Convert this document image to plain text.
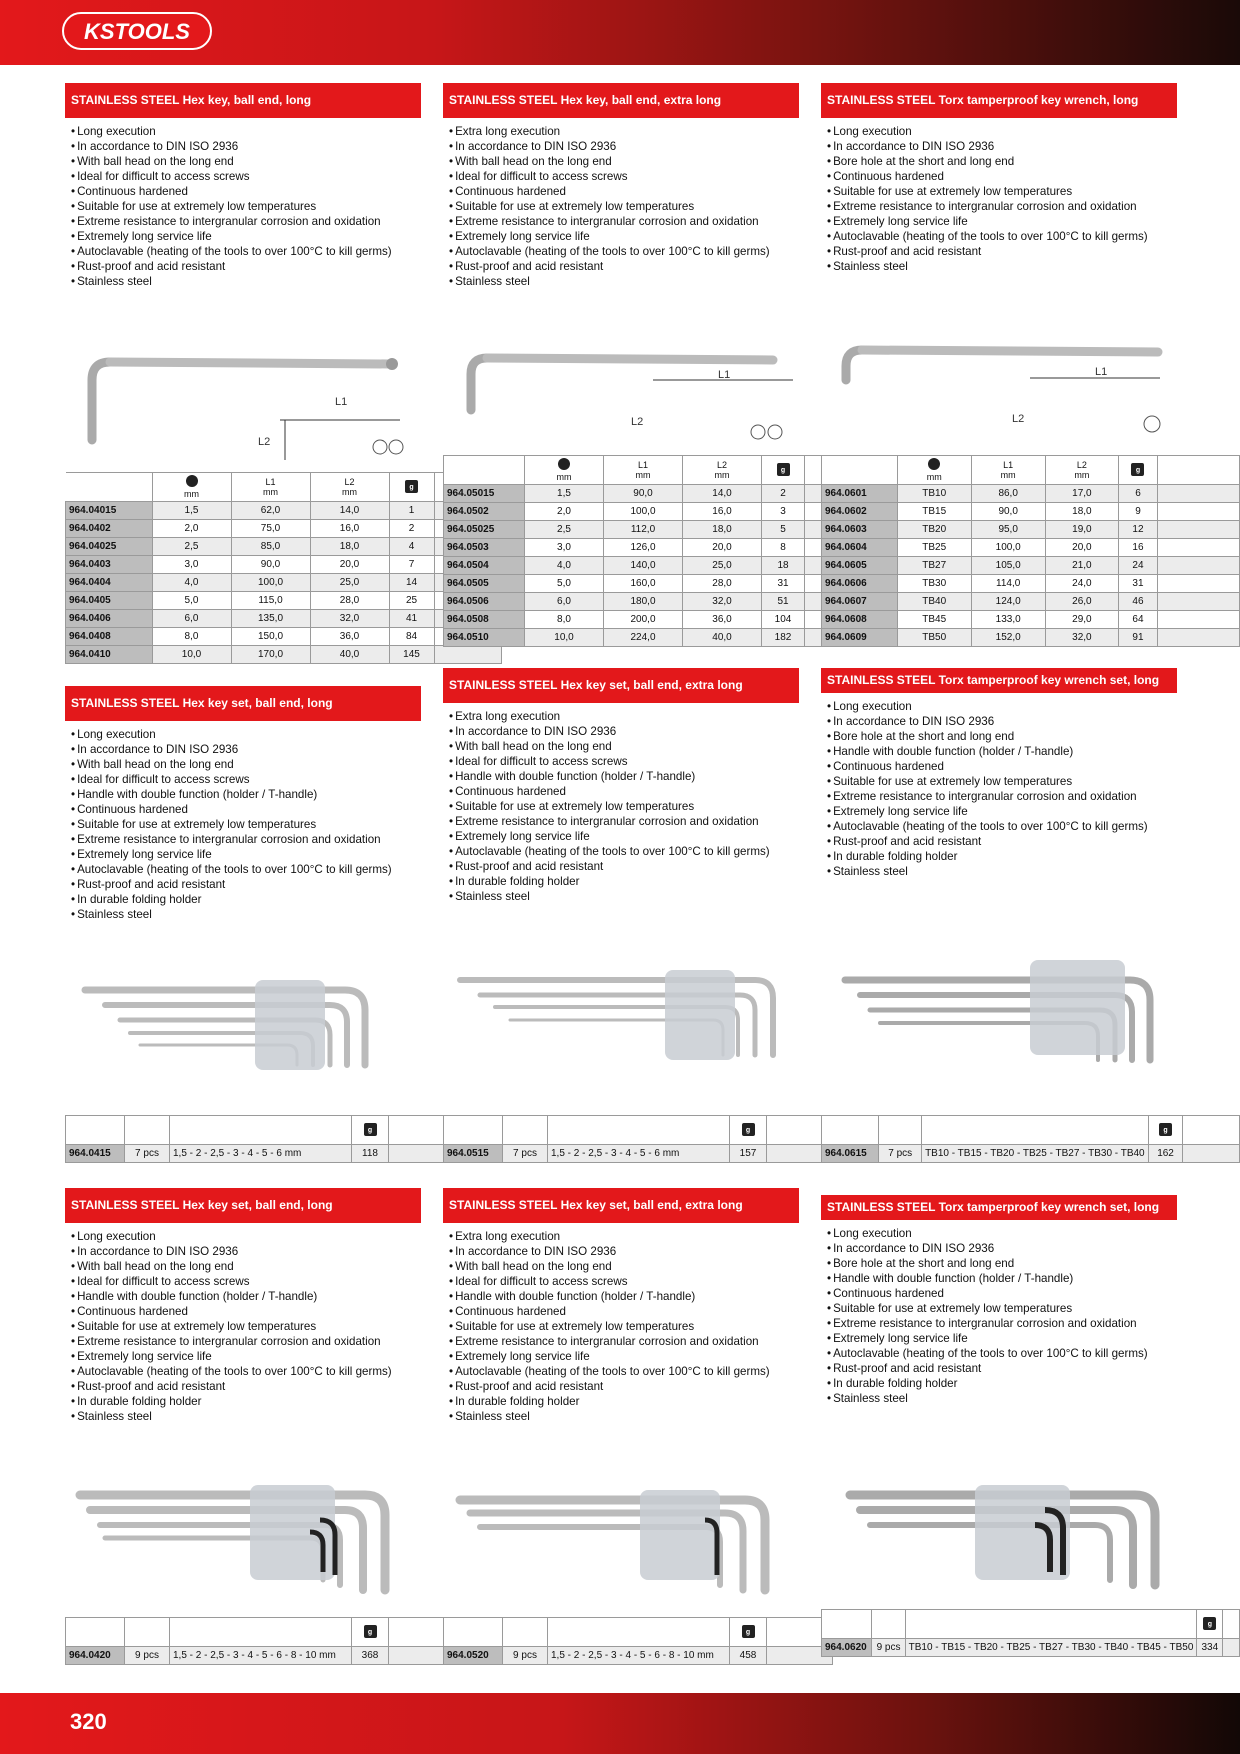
KSTOOLS
STAINLESS STEEL Hex key, ball end, long
• Long execution
• In accordance to DIN ISO 2936
• With ball head on the long end
• Ideal for difficult to access screws
• Continuous hardened
• Suitable for use at extremely low temperatures
• Extreme resistance to intergranular corrosion and oxidation
• Extremely long service life
• Autoclavable (heating of the tools to over 100°C to kill germs)
• Rust-proof and acid resistant
• Stainless steel
STAINLESS STEEL Hex key, ball end, extra long
• Extra long execution
• In accordance to DIN ISO 2936
• With ball head on the long end
• Ideal for difficult to access screws
• Continuous hardened
• Suitable for use at extremely low temperatures
• Extreme resistance to intergranular corrosion and oxidation
• Extremely long service life
• Autoclavable (heating of the tools to over 100°C to kill germs)
• Rust-proof and acid resistant
• Stainless steel
STAINLESS STEEL Torx tamperproof key wrench, long
• Long execution
• In accordance to DIN ISO 2936
• Bore hole at the short and long end
• Continuous hardened
• Suitable for use at extremely low temperatures
• Extreme resistance to intergranular corrosion and oxidation
• Extremely long service life
• Autoclavable (heating of the tools to over 100°C to kill germs)
• Rust-proof and acid resistant
• Stainless steel
L1
L2
L1
L2
L1
L2

mm	L1
mm	L2
mm	g	

964.04015	1,5	62,0	14,0	1	
964.0402	2,0	75,0	16,0	2	
964.04025	2,5	85,0	18,0	4	
964.0403	3,0	90,0	20,0	7	
964.0404	4,0	100,0	25,0	14	
964.0405	5,0	115,0	28,0	25	
964.0406	6,0	135,0	32,0	41	
964.0408	8,0	150,0	36,0	84	
964.0410	10,0	170,0	40,0	145	

mm	L1
mm	L2
mm	g	

964.05015	1,5	90,0	14,0	2	
964.0502	2,0	100,0	16,0	3	
964.05025	2,5	112,0	18,0	5	
964.0503	3,0	126,0	20,0	8	
964.0504	4,0	140,0	25,0	18	
964.0505	5,0	160,0	28,0	31	
964.0506	6,0	180,0	32,0	51	
964.0508	8,0	200,0	36,0	104	
964.0510	10,0	224,0	40,0	182	

mm	L1
mm	L2
mm	g	

964.0601	TB10	86,0	17,0	6	
964.0602	TB15	90,0	18,0	9	
964.0603	TB20	95,0	19,0	12	
964.0604	TB25	100,0	20,0	16	
964.0605	TB27	105,0	21,0	24	
964.0606	TB30	114,0	24,0	31	
964.0607	TB40	124,0	26,0	46	
964.0608	TB45	133,0	29,0	64	
964.0609	TB50	152,0	32,0	91	
STAINLESS STEEL Hex key set, ball end, long
• Long execution
• In accordance to DIN ISO 2936
• With ball head on the long end
• Ideal for difficult to access screws
• Handle with double function (holder / T-handle)
• Continuous hardened
• Suitable for use at extremely low temperatures
• Extreme resistance to intergranular corrosion and oxidation
• Extremely long service life
• Autoclavable (heating of the tools to over 100°C to kill germs)
• Rust-proof and acid resistant
• In durable folding holder
• Stainless steel
STAINLESS STEEL Hex key set, ball end, extra long
• Extra long execution
• In accordance to DIN ISO 2936
• With ball head on the long end
• Ideal for difficult to access screws
• Handle with double function (holder / T-handle)
• Continuous hardened
• Suitable for use at extremely low temperatures
• Extreme resistance to intergranular corrosion and oxidation
• Extremely long service life
• Autoclavable (heating of the tools to over 100°C to kill germs)
• Rust-proof and acid resistant
• In durable folding holder
• Stainless steel
STAINLESS STEEL Torx tamperproof key wrench set, long
• Long execution
• In accordance to DIN ISO 2936
• Bore hole at the short and long end
• Handle with double function (holder / T-handle)
• Continuous hardened
• Suitable for use at extremely low temperatures
• Extreme resistance to intergranular corrosion and oxidation
• Extremely long service life
• Autoclavable (heating of the tools to over 100°C to kill germs)
• Rust-proof and acid resistant
• In durable folding holder
• Stainless steel

			g	

964.0415	7 pcs	1,5 - 2 - 2,5 - 3 - 4 - 5 - 6 mm	118	

			g	

964.0515	7 pcs	1,5 - 2 - 2,5 - 3 - 4 - 5 - 6 mm	157	

			g	

964.0615	7 pcs	TB10 - TB15 - TB20 - TB25 - TB27 - TB30 - TB40	162	
STAINLESS STEEL Hex key set, ball end, long
• Long execution
• In accordance to DIN ISO 2936
• With ball head on the long end
• Ideal for difficult to access screws
• Handle with double function (holder / T-handle)
• Continuous hardened
• Suitable for use at extremely low temperatures
• Extreme resistance to intergranular corrosion and oxidation
• Extremely long service life
• Autoclavable (heating of the tools to over 100°C to kill germs)
• Rust-proof and acid resistant
• In durable folding holder
• Stainless steel
STAINLESS STEEL Hex key set, ball end, extra long
• Extra long execution
• In accordance to DIN ISO 2936
• With ball head on the long end
• Ideal for difficult to access screws
• Handle with double function (holder / T-handle)
• Continuous hardened
• Suitable for use at extremely low temperatures
• Extreme resistance to intergranular corrosion and oxidation
• Extremely long service life
• Autoclavable (heating of the tools to over 100°C to kill germs)
• Rust-proof and acid resistant
• In durable folding holder
• Stainless steel
STAINLESS STEEL Torx tamperproof key wrench set, long
• Long execution
• In accordance to DIN ISO 2936
• Bore hole at the short and long end
• Handle with double function (holder / T-handle)
• Continuous hardened
• Suitable for use at extremely low temperatures
• Extreme resistance to intergranular corrosion and oxidation
• Extremely long service life
• Autoclavable (heating of the tools to over 100°C to kill germs)
• Rust-proof and acid resistant
• In durable folding holder
• Stainless steel

			g	

964.0420	9 pcs	1,5 - 2 - 2,5 - 3 - 4 - 5 - 6 - 8 - 10 mm	368	

			g	

964.0520	9 pcs	1,5 - 2 - 2,5 - 3 - 4 - 5 - 6 - 8 - 10 mm	458	

			g	

964.0620	9 pcs	TB10 - TB15 - TB20 - TB25 - TB27 - TB30 - TB40 - TB45 - TB50	334	
320
